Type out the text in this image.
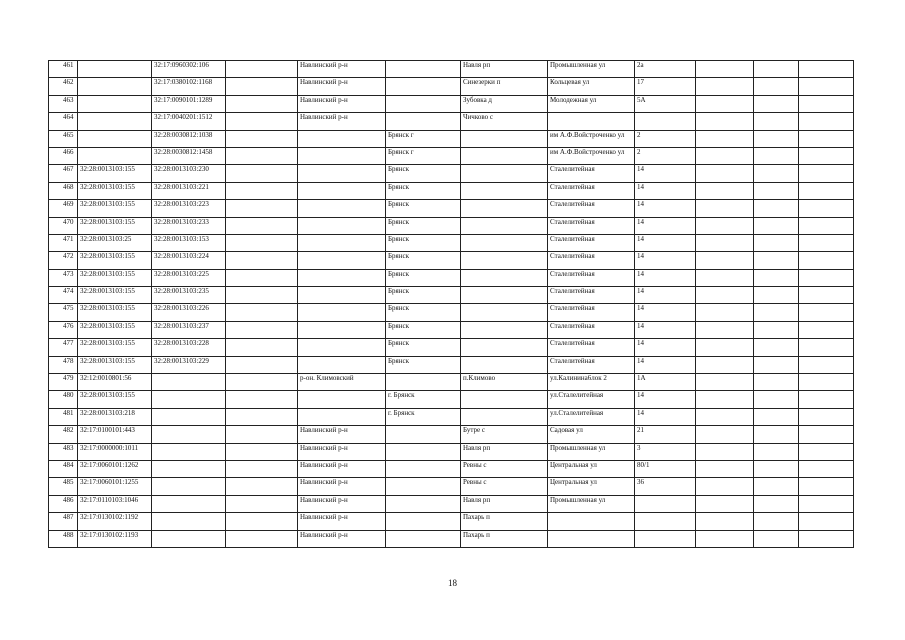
461		32:17:0960302:106		Навлинский р-н		Навля рп	Промышленная ул	2а			
462		32:17:0380102:1168		Навлинский р-н		Синезерки п	Кольцевая ул	17			
463		32:17:0090101:1289		Навлинский р-н		Зубовка д	Молодежная ул	5А			
464		32:17:0040201:1512		Навлинский р-н		Чичково с					
465		32:28:0030812:1038			Брянск г		им А.Ф.Войстроченко ул	2			
466		32:28:0030812:1458			Брянск г		им А.Ф.Войстроченко ул	2			
467	32:28:0013103:155	32:28:0013103:230			Брянск		Сталелитейная	14			
468	32:28:0013103:155	32:28:0013103:221			Брянск		Сталелитейная	14			
469	32:28:0013103:155	32:28:0013103:223			Брянск		Сталелитейная	14			
470	32:28:0013103:155	32:28:0013103:233			Брянск		Сталелитейная	14			
471	32:28:0013103:25	32:28:0013103:153			Брянск		Сталелитейная	14			
472	32:28:0013103:155	32:28:0013103:224			Брянск		Сталелитейная	14			
473	32:28:0013103:155	32:28:0013103:225			Брянск		Сталелитейная	14			
474	32:28:0013103:155	32:28:0013103:235			Брянск		Сталелитейная	14			
475	32:28:0013103:155	32:28:0013103:226			Брянск		Сталелитейная	14			
476	32:28:0013103:155	32:28:0013103:237			Брянск		Сталелитейная	14			
477	32:28:0013103:155	32:28:0013103:228			Брянск		Сталелитейная	14			
478	32:28:0013103:155	32:28:0013103:229			Брянск		Сталелитейная	14			
479	32:12:0010801:56			р-он. Климовский		п.Климово	ул.Калинина6лок 2	1А			
480	32:28:0013103:155				г. Брянск		ул.Сталелитейная	14			
481	32:28:0013103:218				г. Брянск		ул.Сталелитейная	14			
482	32:17:0100101:443			Навлинский р-н		Бутре с	Садовая ул	21			
483	32:17:0000000:1011			Навлинский р-н		Навля рп	Промышленная ул	3			
484	32:17:0060101:1262			Навлинский р-н		Ревны с	Центральная ул	80/1			
485	32:17:0060101:1255			Навлинский р-н		Ревны с	Центральная ул	36			
486	32:17:0110103:1046			Навлинский р-н		Навля рп	Промышленная ул				
487	32:17:0130102:1192			Навлинский р-н		Пахарь п					
488	32:17:0130102:1193			Навлинский р-н		Пахарь п					
18
